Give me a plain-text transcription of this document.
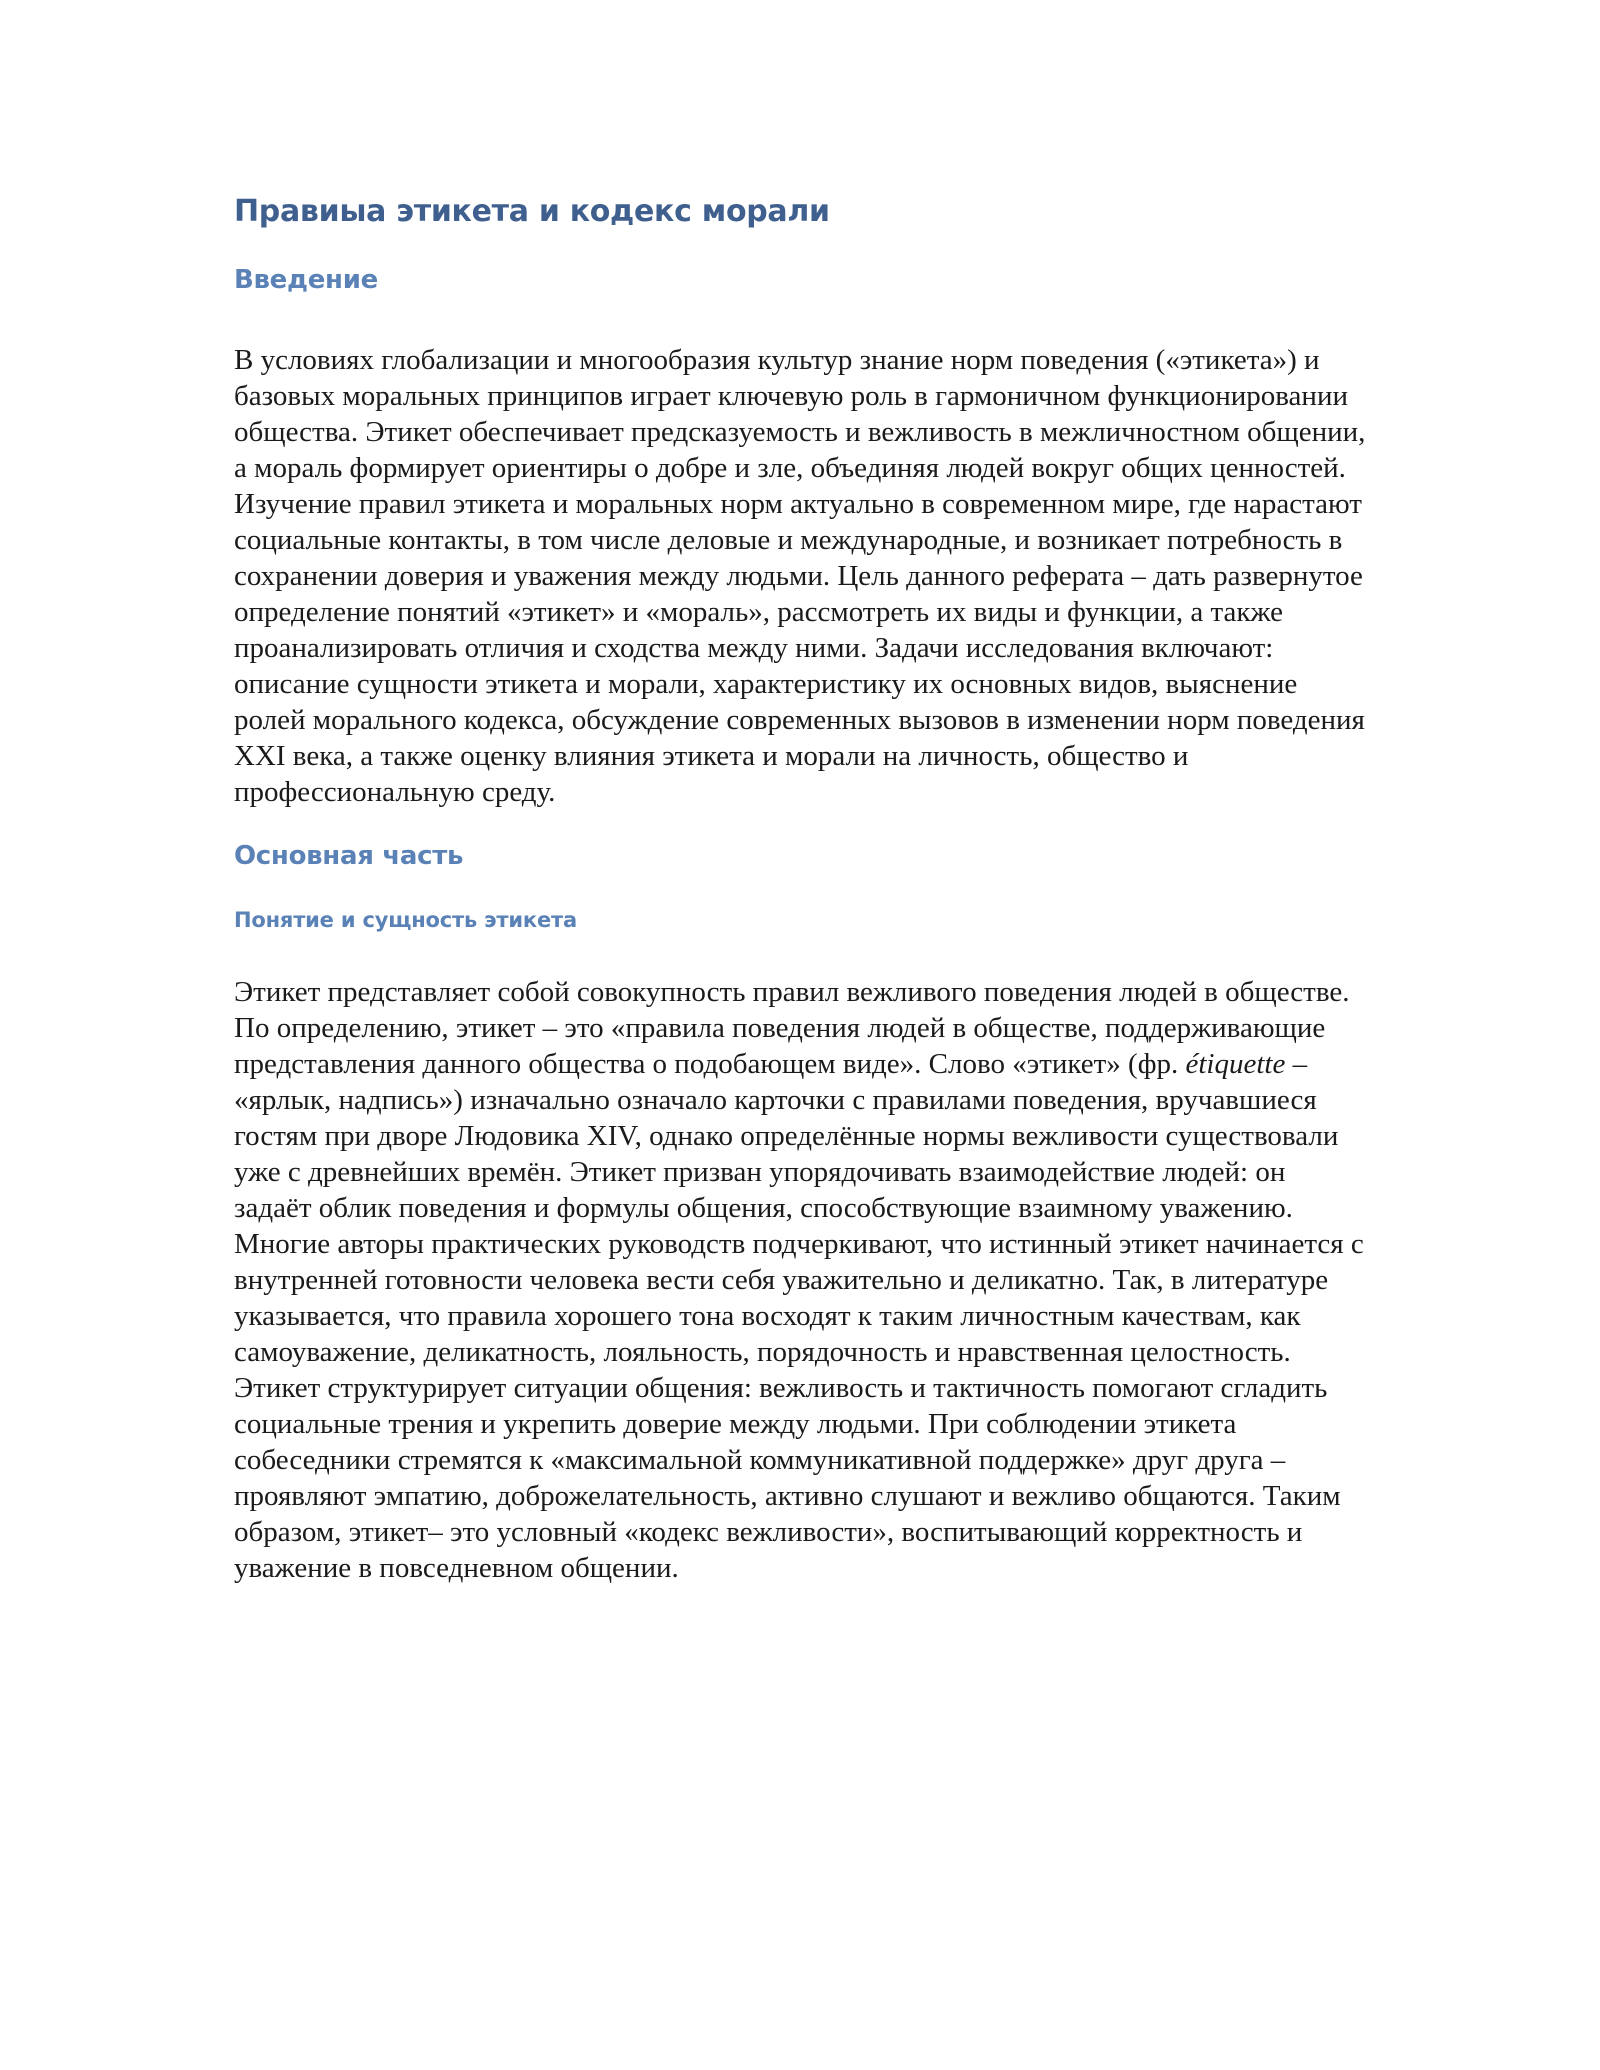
Правиыа этикета и кодекс морали
Введение

В условиях глобализации и многообразия культур знание норм поведения («этикета») и базовых моральных принципов играет ключевую роль в гармоничном функционировании общества. Этикет обеспечивает предсказуемость и вежливость в межличностном общении, а мораль формирует ориентиры о добре и зле, объединяя людей вокруг общих ценностей. Изучение правил этикета и моральных норм актуально в современном мире, где нарастают социальные контакты, в том числе деловые и международные, и возникает потребность в сохранении доверия и уважения между людьми. Цель данного реферата – дать развернутое определение понятий «этикет» и «мораль», рассмотреть их виды и функции, а также проанализировать отличия и сходства между ними. Задачи исследования включают: описание сущности этикета и морали, характеристику их основных видов, выяснение ролей морального кодекса, обсуждение современных вызовов в изменении норм поведения XXI века, а также оценку влияния этикета и морали на личность, общество и профессиональную среду.

Основная часть
Понятие и сущность этикета

Этикет представляет собой совокупность правил вежливого поведения людей в обществе. По определению, этикет – это «правила поведения людей в обществе, поддерживающие представления данного общества о подобающем виде». Слово «этикет» (фр. étiquette – «ярлык, надпись») изначально означало карточки с правилами поведения, вручавшиеся гостям при дворе Людовика XIV, однако определённые нормы вежливости существовали уже с древнейших времён. Этикет призван упорядочивать взаимодействие людей: он задаёт облик поведения и формулы общения, способствующие взаимному уважению. Многие авторы практических руководств подчеркивают, что истинный этикет начинается с внутренней готовности человека вести себя уважительно и деликатно. Так, в литературе указывается, что правила хорошего тона восходят к таким личностным качествам, как самоуважение, деликатность, лояльность, порядочность и нравственная целостность. Этикет структурирует ситуации общения: вежливость и тактичность помогают сгладить социальные трения и укрепить доверие между людьми. При соблюдении этикета собеседники стремятся к «максимальной коммуникативной поддержке» друг друга – проявляют эмпатию, доброжелательность, активно слушают и вежливо общаются. Таким образом, этикет– это условный «кодекс вежливости», воспитывающий корректность и уважение в повседневном общении.
